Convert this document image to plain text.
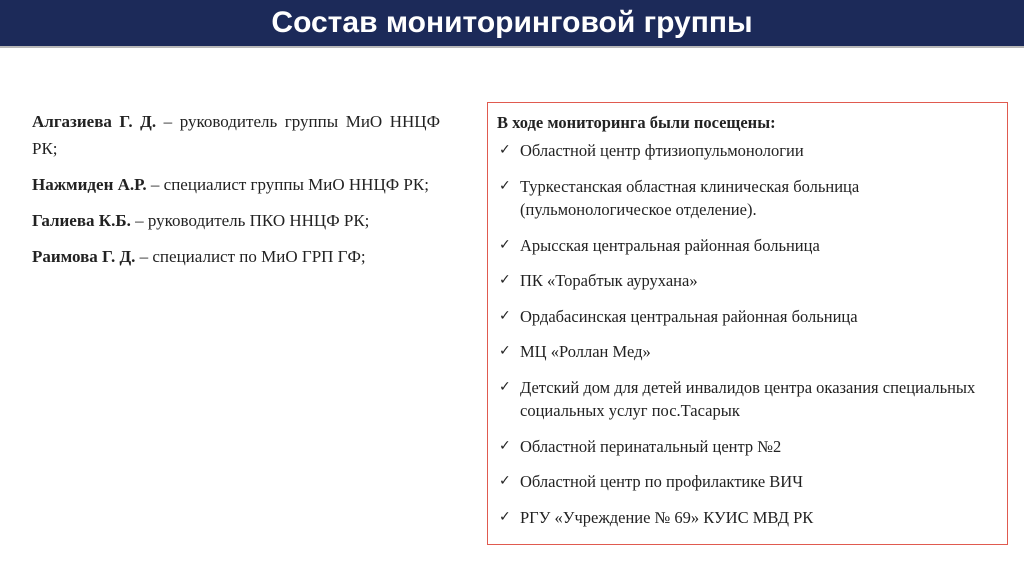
Состав мониторинговой группы

Алгазиева Г. Д. – руководитель группы МиО ННЦФ РК;

Нажмиден А.Р. – специалист группы МиО ННЦФ РК;

Галиева К.Б. – руководитель ПКО ННЦФ РК;

Раимова Г. Д. – специалист по МиО ГРП ГФ;

В ходе мониторинга были посещены:
✓ Областной центр фтизиопульмонологии
✓ Туркестанская областная клиническая больница (пульмонологическое отделение).
✓ Арысская центральная районная больница
✓ ПК «Торабтык аурухана»
✓ Ордабасинская центральная районная больница
✓ МЦ «Роллан Мед»
✓ Детский дом для детей инвалидов центра оказания специальных социальных услуг пос.Тасарык
✓ Областной перинатальный центр №2
✓ Областной центр по профилактике ВИЧ
✓ РГУ «Учреждение № 69» КУИС МВД РК
